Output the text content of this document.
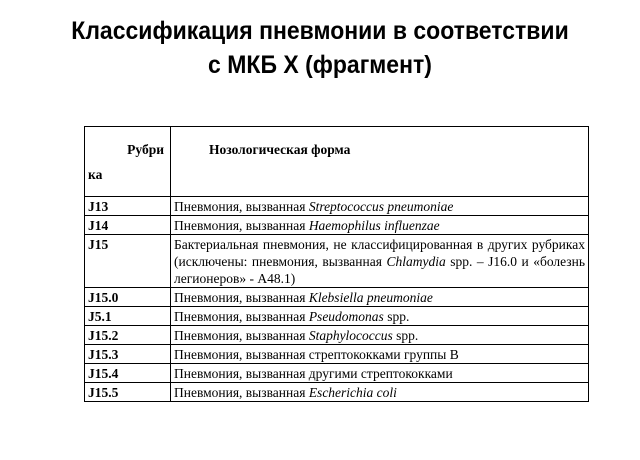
Классификация пневмонии в соответствии
с МКБ Х (фрагмент)
Рубри
ка	Нозологическая форма
J13	Пневмония, вызванная Streptococcus pneumoniae
J14	Пневмония, вызванная Haemophilus influenzae
J15	Бактериальная пневмония, не классифицированная в других рубриках (исключены: пневмония, вызванная Chlamydia spp. – J16.0 и «болезнь легионеров» - A48.1)
J15.0	Пневмония, вызванная Klebsiella pneumoniae
J5.1	Пневмония, вызванная Pseudomonas spp.
J15.2	Пневмония, вызванная Staphylococcus spp.
J15.3	Пневмония, вызванная стрептококками группы В
J15.4	Пневмония, вызванная другими стрептококками
J15.5	Пневмония, вызванная Escherichia coli
